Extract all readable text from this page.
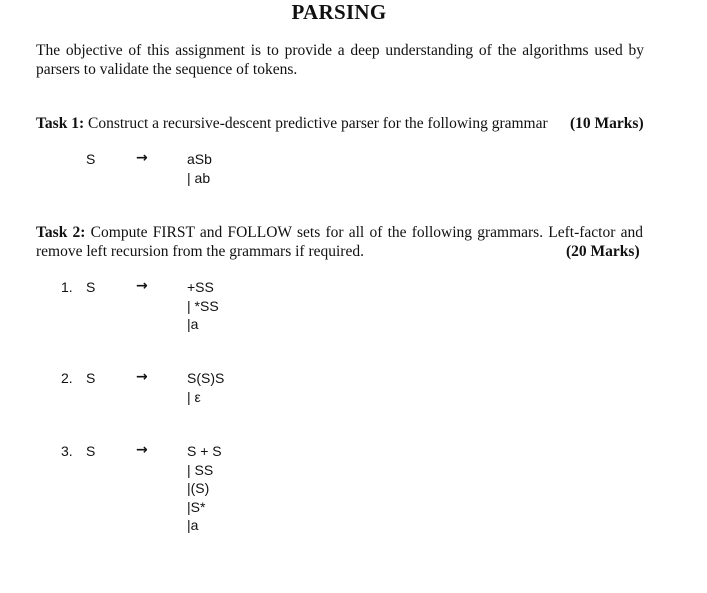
PARSING
The objective of this assignment is to provide a deep understanding of the algorithms used by parsers to validate the sequence of tokens.
Task 1: Construct a recursive-descent predictive parser for the following grammar	(10 Marks)
S	→	aSb
| ab
Task 2: Compute FIRST and FOLLOW sets for all of the following grammars. Left-factor and remove left recursion from the grammars if required.	(20 Marks)
1. S	→	+SS
| *SS
|a
2. S	→	S(S)S
| ε
3. S	→	S + S
| SS
|(S)
|S*
|a
